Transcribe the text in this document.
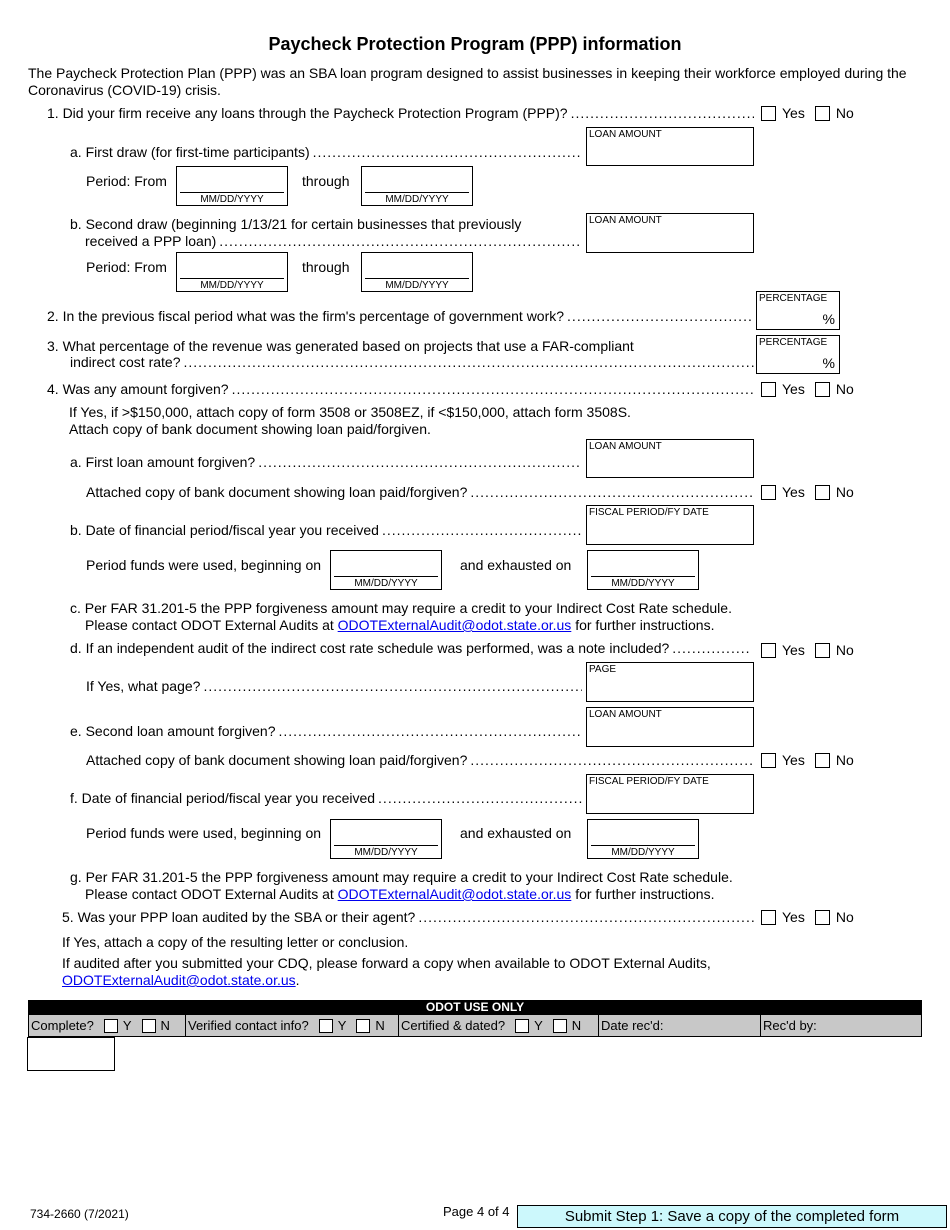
Paycheck Protection Program (PPP) information
The Paycheck Protection Plan (PPP) was an SBA loan program designed to assist businesses in keeping their workforce employed during the
Coronavirus (COVID-19) crisis.
1. Did your firm receive any loans through the Paycheck Protection Program (PPP)? .....	Yes No
LOAN AMOUNT
a. First draw (for first-time participants)
.....
Period: From
MM/DD/YYYY
through
MM/DD/YYYY
LOAN AMOUNT
b. Second draw (beginning 1/13/21 for certain businesses that previously
received a PPP loan)
.....
Period: From
MM/DD/YYYY
through
MM/DD/YYYY
PERCENTAGE
%
2. In the previous fiscal period what was the firm's percentage of government work?
.....
PERCENTAGE
%
3. What percentage of the revenue was generated based on projects that use a FAR-compliant
indirect cost rate?
.....
4. Was any amount forgiven? .....	Yes No
If Yes, if >$150,000, attach copy of form 3508 or 3508EZ, if <$150,000, attach form 3508S.
Attach copy of bank document showing loan paid/forgiven.
LOAN AMOUNT
a. First loan amount forgiven?
.....
Attached copy of bank document showing loan paid/forgiven? .....	Yes No
FISCAL PERIOD/FY DATE
b. Date of financial period/fiscal year you received
.....
Period funds were used, beginning on
MM/DD/YYYY
and exhausted on
MM/DD/YYYY
c. Per FAR 31.201-5 the PPP forgiveness amount may require a credit to your Indirect Cost Rate schedule.
Please contact ODOT External Audits at ODOTExternalAudit@odot.state.or.us for further instructions.
d. If an independent audit of the indirect cost rate schedule was performed, was a note included? .....	Yes No
PAGE
If Yes, what page?
.....
LOAN AMOUNT
e. Second loan amount forgiven?
.....
Attached copy of bank document showing loan paid/forgiven? .....	Yes No
FISCAL PERIOD/FY DATE
f. Date of financial period/fiscal year you received
.....
Period funds were used, beginning on
MM/DD/YYYY
and exhausted on
MM/DD/YYYY
g. Per FAR 31.201-5 the PPP forgiveness amount may require a credit to your Indirect Cost Rate schedule.
Please contact ODOT External Audits at ODOTExternalAudit@odot.state.or.us for further instructions.
5. Was your PPP loan audited by the SBA or their agent? .....	Yes No
If Yes, attach a copy of the resulting letter or conclusion.
If audited after you submitted your CDQ, please forward a copy when available to ODOT External Audits,
ODOTExternalAudit@odot.state.or.us.
ODOT USE ONLY
Complete? Y N Verified contact info? Y N Certified & dated? Y N Date rec'd:	Rec'd by:
734-2660 (7/2021)	Page 4 of 4	Submit Step 1: Save a copy of the completed form
